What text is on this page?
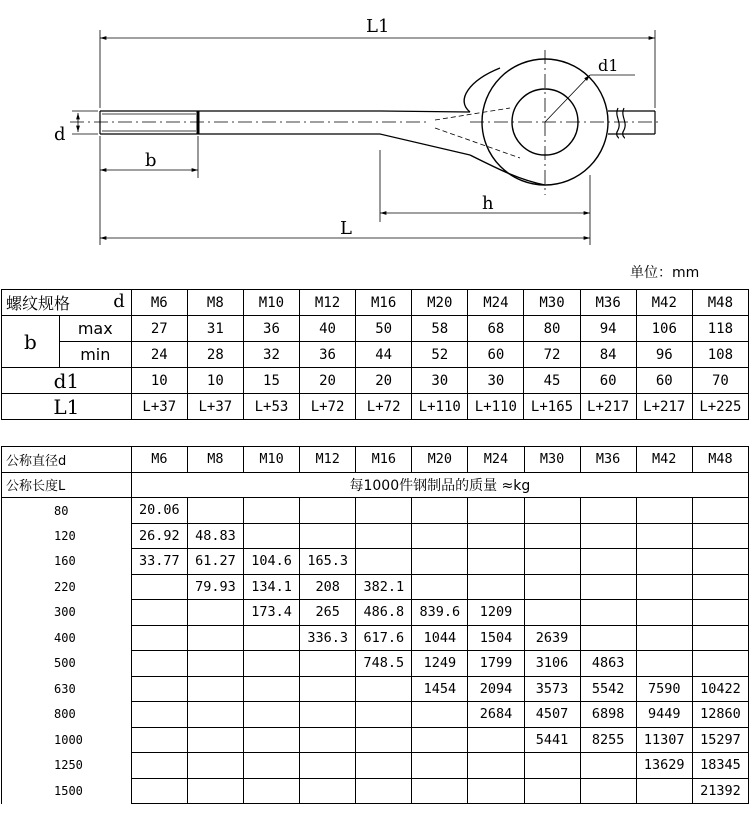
L1
d1
d
b
h
L
单位：mm
螺纹规格 d		M6	M8	M10	M12	M16	M20	M24	M30	M36	M42	M48
b	max	27	31	36	40	50	58	68	80	94	106	118
	min	24	28	32	36	44	52	60	72	84	96	108
d1		10	10	15	20	20	30	30	45	60	60	70
L1		L+37	L+37	L+53	L+72	L+72	L+110	L+110	L+165	L+217	L+217	L+225
公称直径d	M6	M8	M10	M12	M16	M20	M24	M30	M36	M42	M48
公称长度L	每1000件钢制品的质量 ≈kg										
80	20.06										
120	26.92	48.83									
160	33.77	61.27	104.6	165.3							
220		79.93	134.1	208	382.1						
300			173.4	265	486.8	839.6	1209				
400				336.3	617.6	1044	1504	2639			
500					748.5	1249	1799	3106	4863		
630						1454	2094	3573	5542	7590	10422
800							2684	4507	6898	9449	12860
1000								5441	8255	11307	15297
1250										13629	18345
1500											21392
